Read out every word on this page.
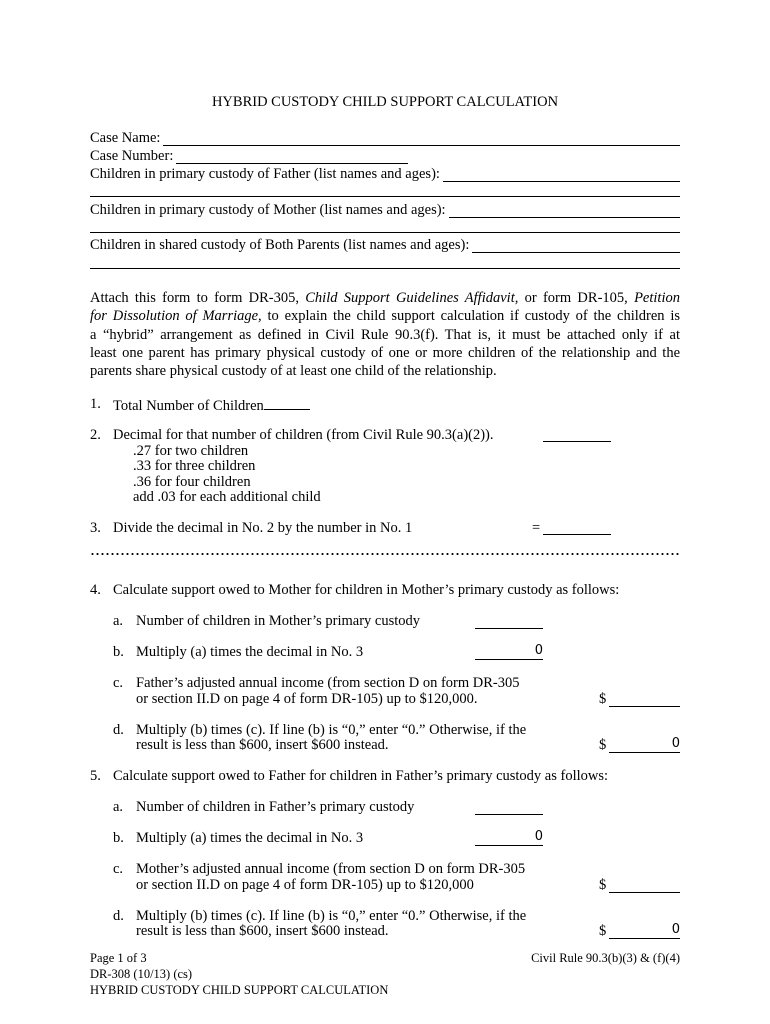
HYBRID CUSTODY CHILD SUPPORT CALCULATION
Case Name:
Case Number:
Children in primary custody of Father (list names and ages):
Children in primary custody of Mother (list names and ages):
Children in shared custody of Both Parents (list names and ages):
Attach this form to form DR-305, Child Support Guidelines Affidavit, or form DR-105, Petition
for Dissolution of Marriage, to explain the child support calculation if custody of the children is
a “hybrid” arrangement as defined in Civil Rule 90.3(f). That is, it must be attached only if at
least one parent has primary physical custody of one or more children of the relationship and the
parents share physical custody of at least one child of the relationship.
1. Total Number of Children
2. Decimal for that number of children (from Civil Rule 90.3(a)(2)).
.27 for two children
.33 for three children
.36 for four children
add .03 for each additional child
3. Divide the decimal in No. 2 by the number in No. 1	=
4. Calculate support owed to Mother for children in Mother’s primary custody as follows:
a. Number of children in Mother’s primary custody
b. Multiply (a) times the decimal in No. 3	0
c. Father’s adjusted annual income (from section D on form DR-305
or section II.D on page 4 of form DR-105) up to $120,000.	$
d. Multiply (b) times (c). If line (b) is “0,” enter “0.” Otherwise, if the
result is less than $600, insert $600 instead.	$	0
5. Calculate support owed to Father for children in Father’s primary custody as follows:
a. Number of children in Father’s primary custody
b. Multiply (a) times the decimal in No. 3	0
c. Mother’s adjusted annual income (from section D on form DR-305
or section II.D on page 4 of form DR-105) up to $120,000	$
d. Multiply (b) times (c). If line (b) is “0,” enter “0.” Otherwise, if the
result is less than $600, insert $600 instead.	$	0
Page 1 of 3
DR-308 (10/13) (cs)
HYBRID CUSTODY CHILD SUPPORT CALCULATION
Civil Rule 90.3(b)(3) & (f)(4)
